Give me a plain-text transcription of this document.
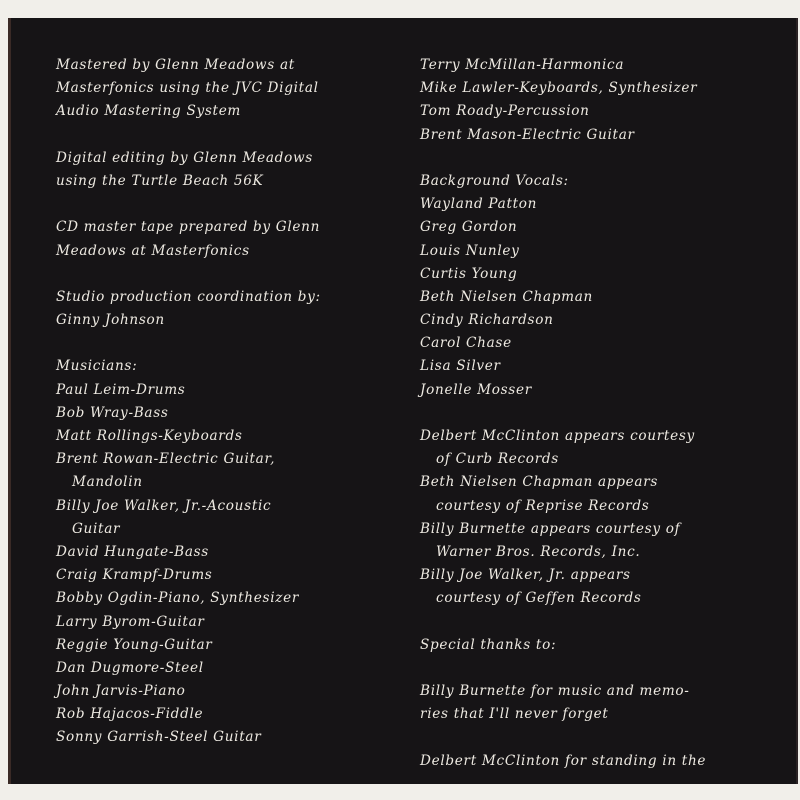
Mastered by Glenn Meadows at
Masterfonics using the JVC Digital
Audio Mastering System
Digital editing by Glenn Meadows
using the Turtle Beach 56K
CD master tape prepared by Glenn
Meadows at Masterfonics
Studio production coordination by:
Ginny Johnson
Musicians:
Paul Leim-Drums
Bob Wray-Bass
Matt Rollings-Keyboards
Brent Rowan-Electric Guitar,
Mandolin
Billy Joe Walker, Jr.-Acoustic
Guitar
David Hungate-Bass
Craig Krampf-Drums
Bobby Ogdin-Piano, Synthesizer
Larry Byrom-Guitar
Reggie Young-Guitar
Dan Dugmore-Steel
John Jarvis-Piano
Rob Hajacos-Fiddle
Sonny Garrish-Steel Guitar
Terry McMillan-Harmonica
Mike Lawler-Keyboards, Synthesizer
Tom Roady-Percussion
Brent Mason-Electric Guitar
Background Vocals:
Wayland Patton
Greg Gordon
Louis Nunley
Curtis Young
Beth Nielsen Chapman
Cindy Richardson
Carol Chase
Lisa Silver
Jonelle Mosser
Delbert McClinton appears courtesy
of Curb Records
Beth Nielsen Chapman appears
courtesy of Reprise Records
Billy Burnette appears courtesy of
Warner Bros. Records, Inc.
Billy Joe Walker, Jr. appears
courtesy of Geffen Records
Special thanks to:
Billy Burnette for music and memo-
ries that I'll never forget
Delbert McClinton for standing in the
